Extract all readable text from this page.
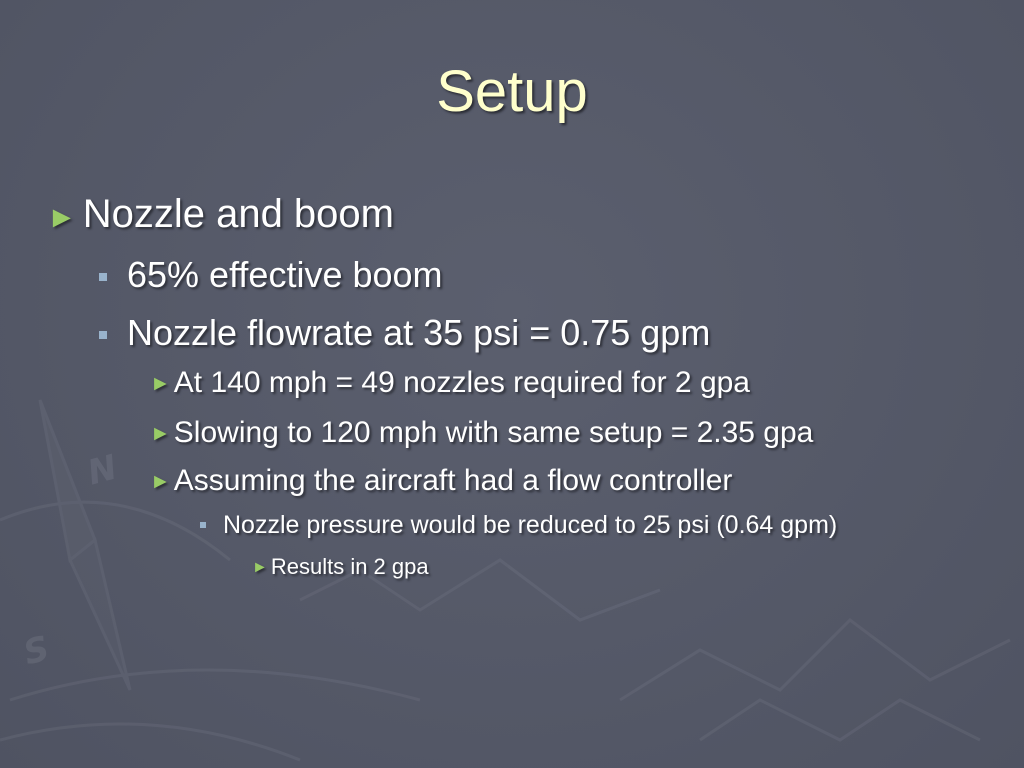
N
S
Setup
► Nozzle and boom
65% effective boom
Nozzle flowrate at 35 psi = 0.75 gpm
► At 140 mph = 49 nozzles required for 2 gpa
► Slowing to 120 mph with same setup = 2.35 gpa
► Assuming the aircraft had a flow controller
Nozzle pressure would be reduced to 25 psi (0.64 gpm)
► Results in 2 gpa
